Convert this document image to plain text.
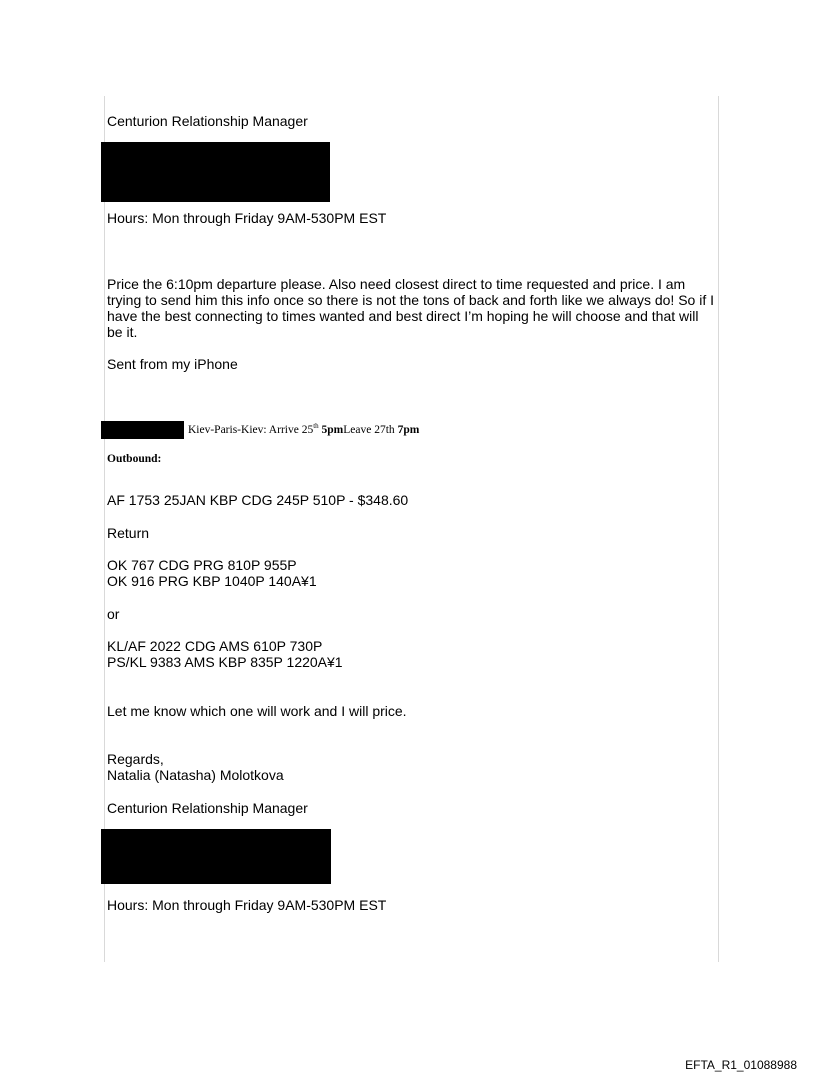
Centurion Relationship Manager
Hours: Mon through Friday 9AM-530PM EST
Price the 6:10pm departure please. Also need closest direct to time requested and price. I am trying to send him this info once so there is not the tons of back and forth like we always do! So if I have the best connecting to times wanted and best direct I’m hoping he will choose and that will be it.
Sent from my iPhone
Kiev-Paris-Kiev: Arrive 25th 5pmLeave 27th 7pm
Outbound:
AF 1753 25JAN KBP CDG 245P 510P - $348.60
Return
OK 767 CDG PRG 810P 955P
OK 916 PRG KBP 1040P 140A¥1
or
KL/AF 2022 CDG AMS 610P 730P
PS/KL 9383 AMS KBP 835P 1220A¥1
Let me know which one will work and I will price.
Regards,
Natalia (Natasha) Molotkova
Centurion Relationship Manager
Hours: Mon through Friday 9AM-530PM EST
EFTA_R1_01088988
